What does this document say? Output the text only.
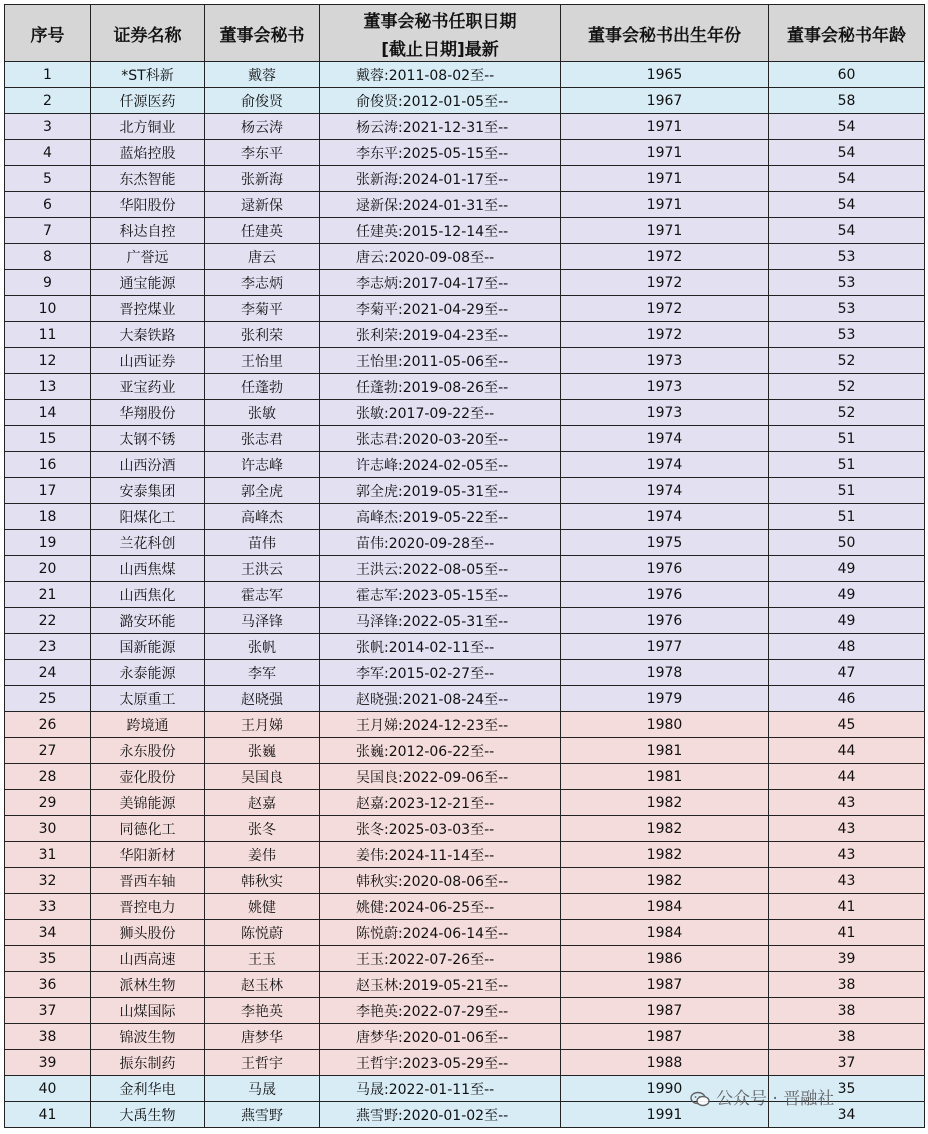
序号	证券名称	董事会秘书	董事会秘书任职日期	董事会秘书出生年份	董事会秘书年龄
			[截止日期]最新		
1	*ST科新	戴蓉	戴蓉:2011-08-02至--	1965	60
2	仟源医药	俞俊贤	俞俊贤:2012-01-05至--	1967	58
3	北方铜业	杨云涛	杨云涛:2021-12-31至--	1971	54
4	蓝焰控股	李东平	李东平:2025-05-15至--	1971	54
5	东杰智能	张新海	张新海:2024-01-17至--	1971	54
6	华阳股份	逯新保	逯新保:2024-01-31至--	1971	54
7	科达自控	任建英	任建英:2015-12-14至--	1971	54
8	广誉远	唐云	唐云:2020-09-08至--	1972	53
9	通宝能源	李志炳	李志炳:2017-04-17至--	1972	53
10	晋控煤业	李菊平	李菊平:2021-04-29至--	1972	53
11	大秦铁路	张利荣	张利荣:2019-04-23至--	1972	53
12	山西证券	王怡里	王怡里:2011-05-06至--	1973	52
13	亚宝药业	任蓬勃	任蓬勃:2019-08-26至--	1973	52
14	华翔股份	张敏	张敏:2017-09-22至--	1973	52
15	太钢不锈	张志君	张志君:2020-03-20至--	1974	51
16	山西汾酒	许志峰	许志峰:2024-02-05至--	1974	51
17	安泰集团	郭全虎	郭全虎:2019-05-31至--	1974	51
18	阳煤化工	高峰杰	高峰杰:2019-05-22至--	1974	51
19	兰花科创	苗伟	苗伟:2020-09-28至--	1975	50
20	山西焦煤	王洪云	王洪云:2022-08-05至--	1976	49
21	山西焦化	霍志军	霍志军:2023-05-15至--	1976	49
22	潞安环能	马泽锋	马泽锋:2022-05-31至--	1976	49
23	国新能源	张帆	张帆:2014-02-11至--	1977	48
24	永泰能源	李军	李军:2015-02-27至--	1978	47
25	太原重工	赵晓强	赵晓强:2021-08-24至--	1979	46
26	跨境通	王月娣	王月娣:2024-12-23至--	1980	45
27	永东股份	张巍	张巍:2012-06-22至--	1981	44
28	壶化股份	吴国良	吴国良:2022-09-06至--	1981	44
29	美锦能源	赵嘉	赵嘉:2023-12-21至--	1982	43
30	同德化工	张冬	张冬:2025-03-03至--	1982	43
31	华阳新材	姜伟	姜伟:2024-11-14至--	1982	43
32	晋西车轴	韩秋实	韩秋实:2020-08-06至--	1982	43
33	晋控电力	姚健	姚健:2024-06-25至--	1984	41
34	狮头股份	陈悦蔚	陈悦蔚:2024-06-14至--	1984	41
35	山西高速	王玉	王玉:2022-07-26至--	1986	39
36	派林生物	赵玉林	赵玉林:2019-05-21至--	1987	38
37	山煤国际	李艳英	李艳英:2022-07-29至--	1987	38
38	锦波生物	唐梦华	唐梦华:2020-01-06至--	1987	38
39	振东制药	王哲宇	王哲宇:2023-05-29至--	1988	37
40	金利华电	马晟	马晟:2022-01-11至--	1990	35
41	大禹生物	燕雪野	燕雪野:2020-01-02至--	1991	34
公众号 · 晋融社
